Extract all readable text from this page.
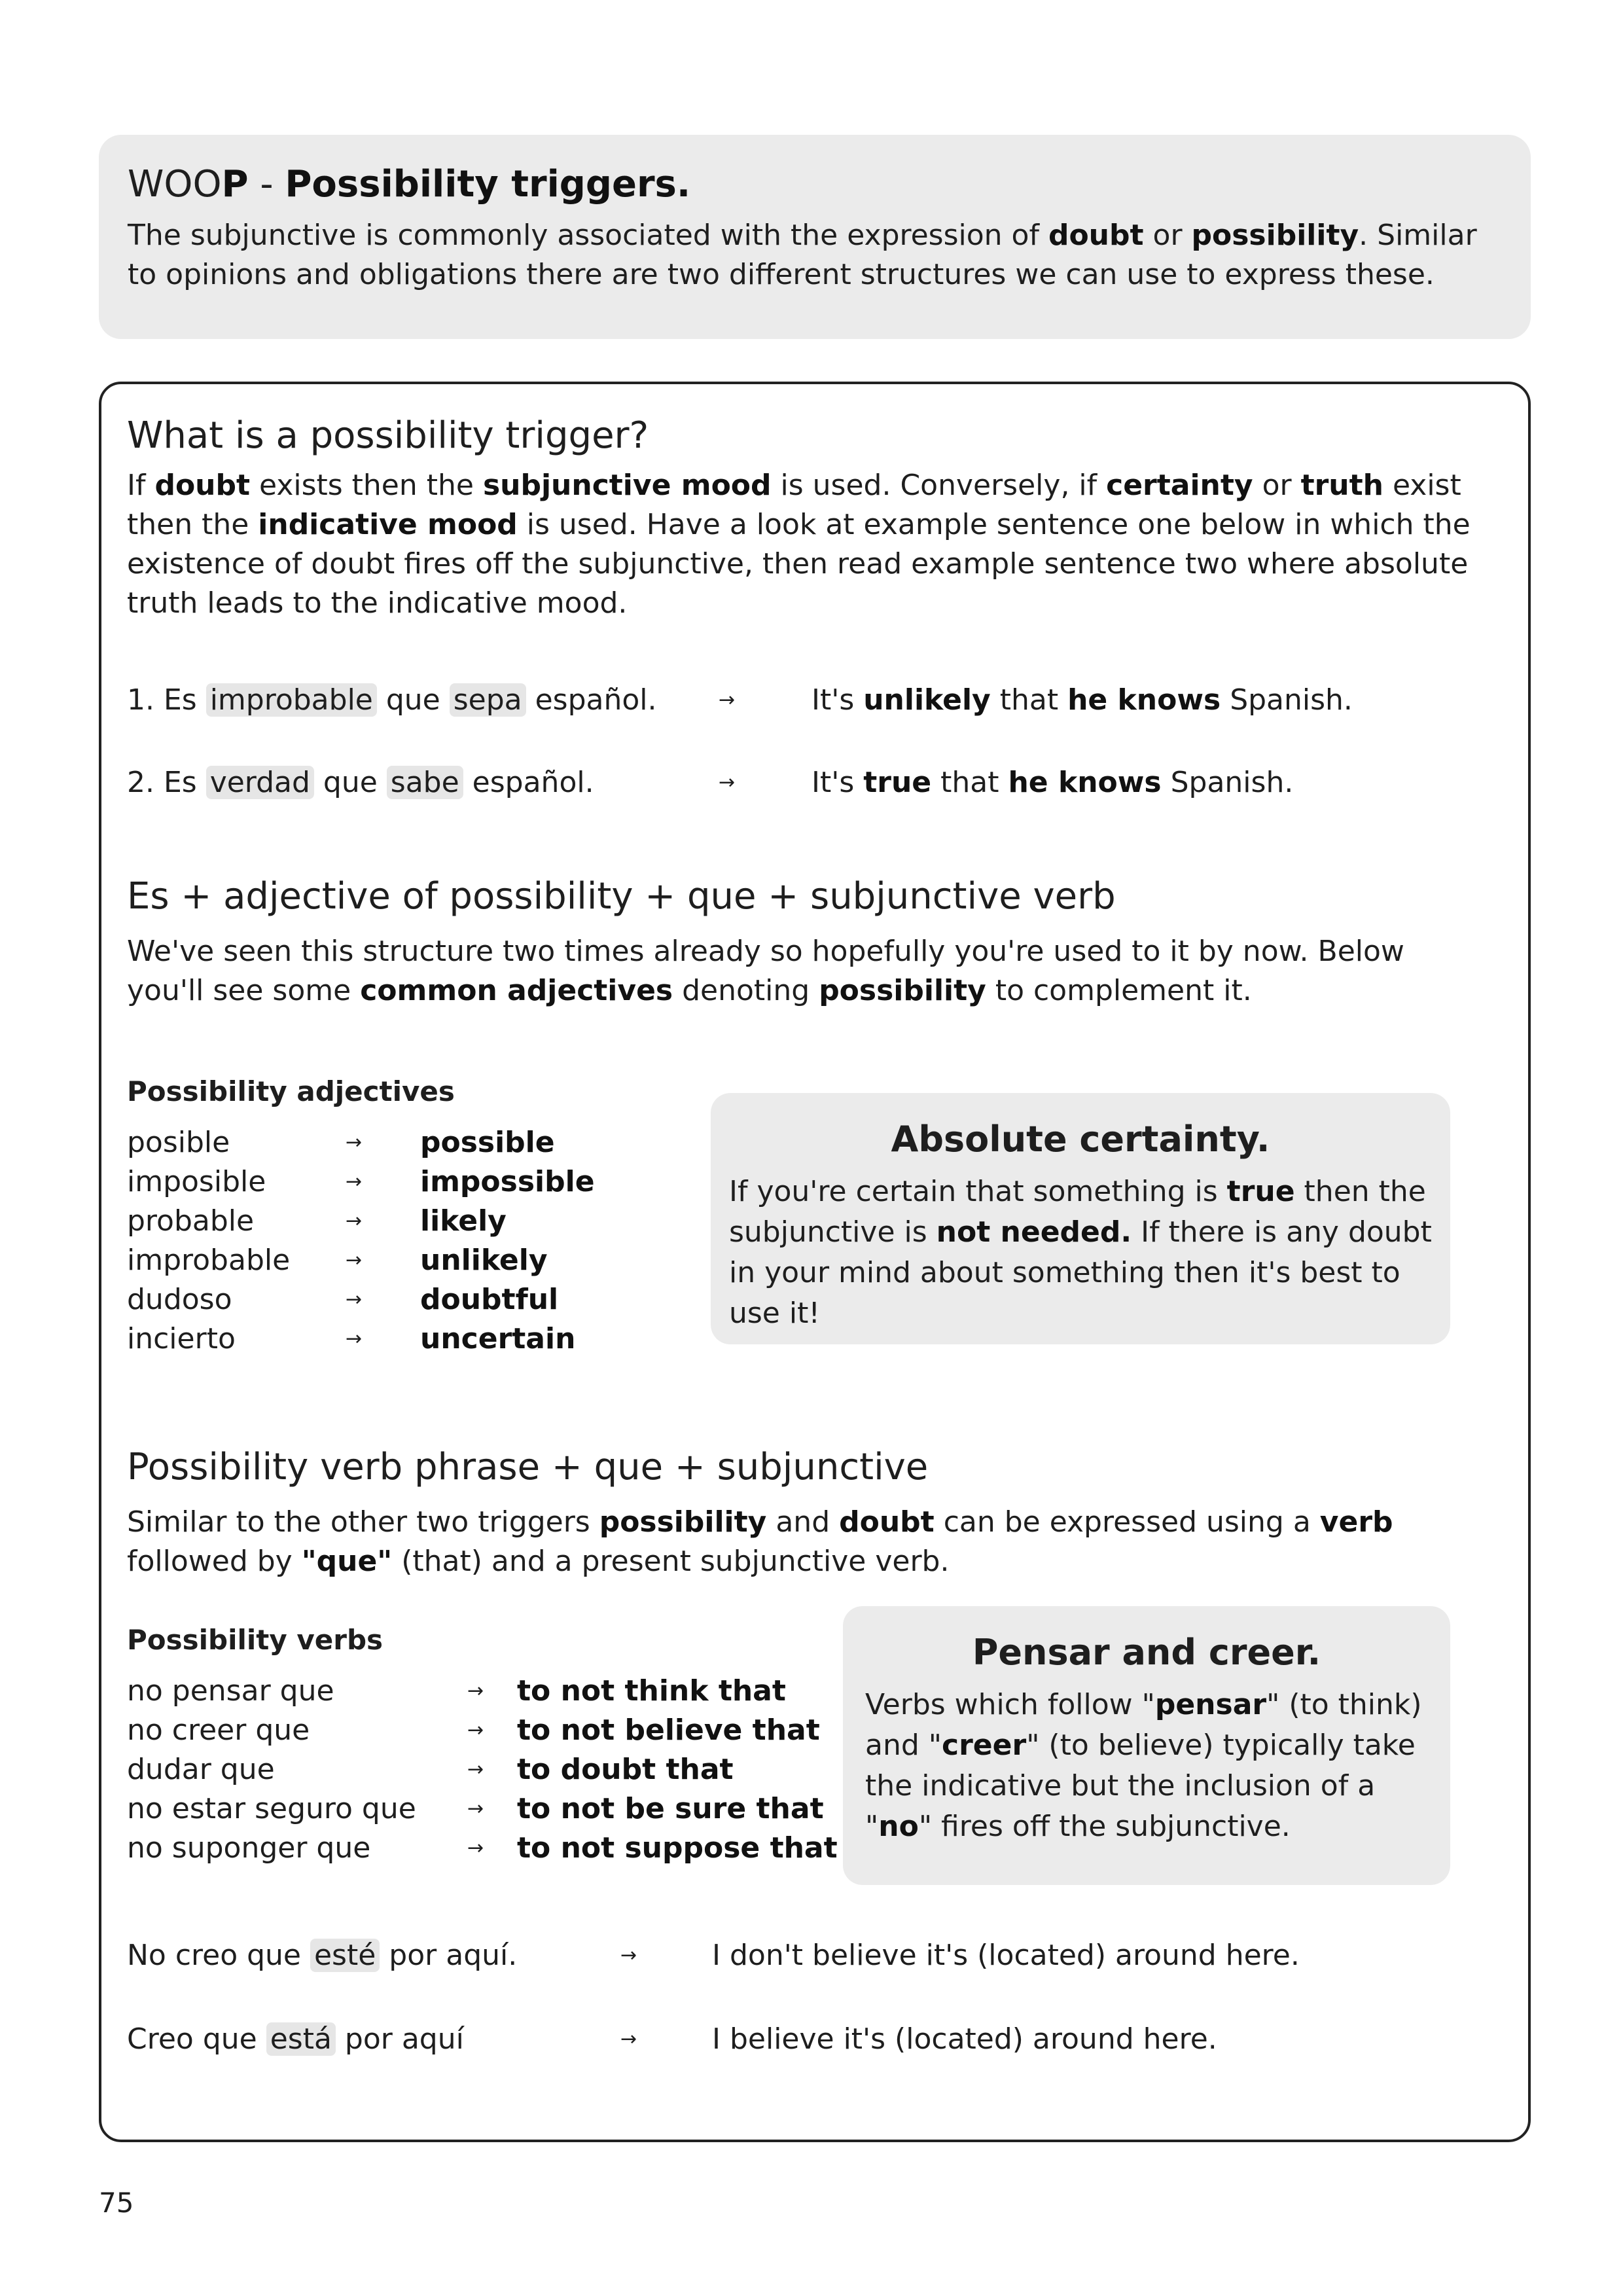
WOOP - Possibility triggers.

The subjunctive is commonly associated with the expression of doubt or possibility. Similar to opinions and obligations there are two different structures we can use to express these.

What is a possibility trigger?

If doubt exists then the subjunctive mood is used. Conversely, if certainty or truth exist then the indicative mood is used. Have a look at example sentence one below in which the existence of doubt fires off the subjunctive, then read example sentence two where absolute truth leads to the indicative mood.

1. Es improbable que sepa español.	→	It's unlikely that he knows Spanish.
2. Es verdad que sabe español.	→	It's true that he knows Spanish.
Es + adjective of possibility + que + subjunctive verb

We've seen this structure two times already so hopefully you're used to it by now. Below you'll see some common adjectives denoting possibility to complement it.

Possibility adjectives
posible	→ possible
imposible	→ impossible
probable	→ likely
improbable	→ unlikely
dudoso	→ doubtful
incierto	→ uncertain
Absolute certainty.

If you're certain that something is true then the subjunctive is not needed. If there is any doubt in your mind about something then it's best to use it!

Possibility verb phrase + que + subjunctive

Similar to the other two triggers possibility and doubt can be expressed using a verb followed by "que" (that) and a present subjunctive verb.

Possibility verbs
no pensar que	→ to not think that
no creer que	→ to not believe that
dudar que	→ to doubt that
no estar seguro que	→ to not be sure that
no suponger que	→ to not suppose that
Pensar and creer.

Verbs which follow "pensar" (to think) and "creer" (to believe) typically take the indicative but the inclusion of a "no" fires off the subjunctive.

No creo que esté por aquí.	→	I don't believe it's (located) around here.
Creo que está por aquí	→	I believe it's (located) around here.
75
